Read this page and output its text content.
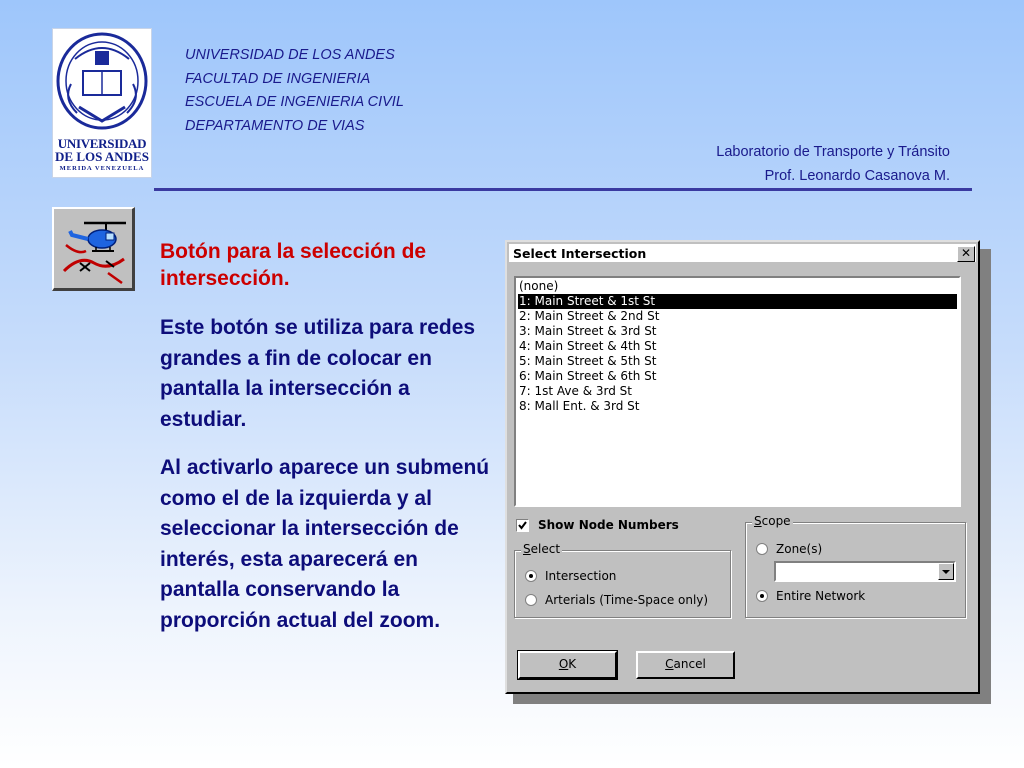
UNIVERSIDAD
DE LOS ANDES
MERIDA VENEZUELA
UNIVERSIDAD DE LOS ANDES
FACULTAD DE INGENIERIA
ESCUELA DE INGENIERIA CIVIL
DEPARTAMENTO DE VIAS
Laboratorio de Transporte y Tránsito
Prof. Leonardo Casanova M.
Botón para la selección de intersección.
Este botón se utiliza para redes grandes a fin de colocar en pantalla la intersección a estudiar.
Al activarlo aparece un submenú como el de la izquierda y al seleccionar la intersección de interés, esta aparecerá en pantalla conservando la proporción actual del zoom.
Select Intersection	✕
(none)
1: Main Street & 1st St
2: Main Street & 2nd St
3: Main Street & 3rd St
4: Main Street & 4th St
5: Main Street & 5th St
6: Main Street & 6th St
7: 1st Ave & 3rd St
8: Mall Ent. & 3rd St
Show Node Numbers
Select
Intersection
Arterials (Time-Space only)
Scope
Zone(s)
Entire Network
OK	Cancel
